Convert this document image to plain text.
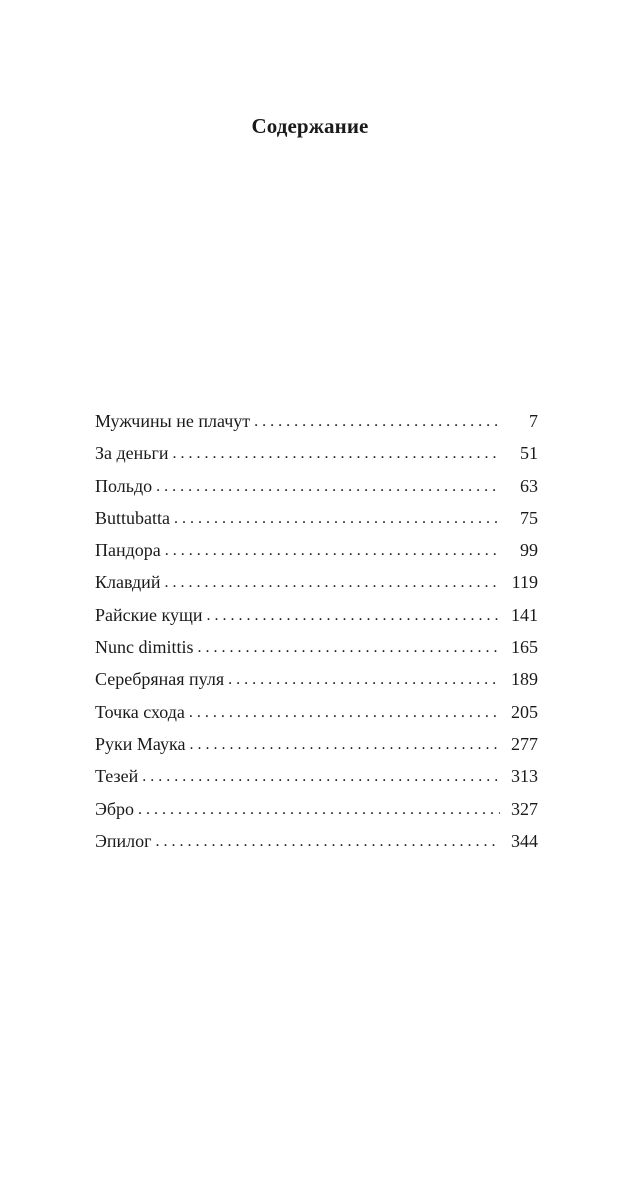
Содержание
Мужчины не плачут . . .	7
За деньги . . .	51
Польдо . . .	63
Buttubatta . . .	75
Пандора . . .	99
Клавдий . . .	119
Райские кущи . . .	141
Nunc dimittis . . .	165
Серебряная пуля . . .	189
Точка схода . . .	205
Руки Маука . . .	277
Тезей . . .	313
Эбро . . .	327
Эпилог . . .	344
